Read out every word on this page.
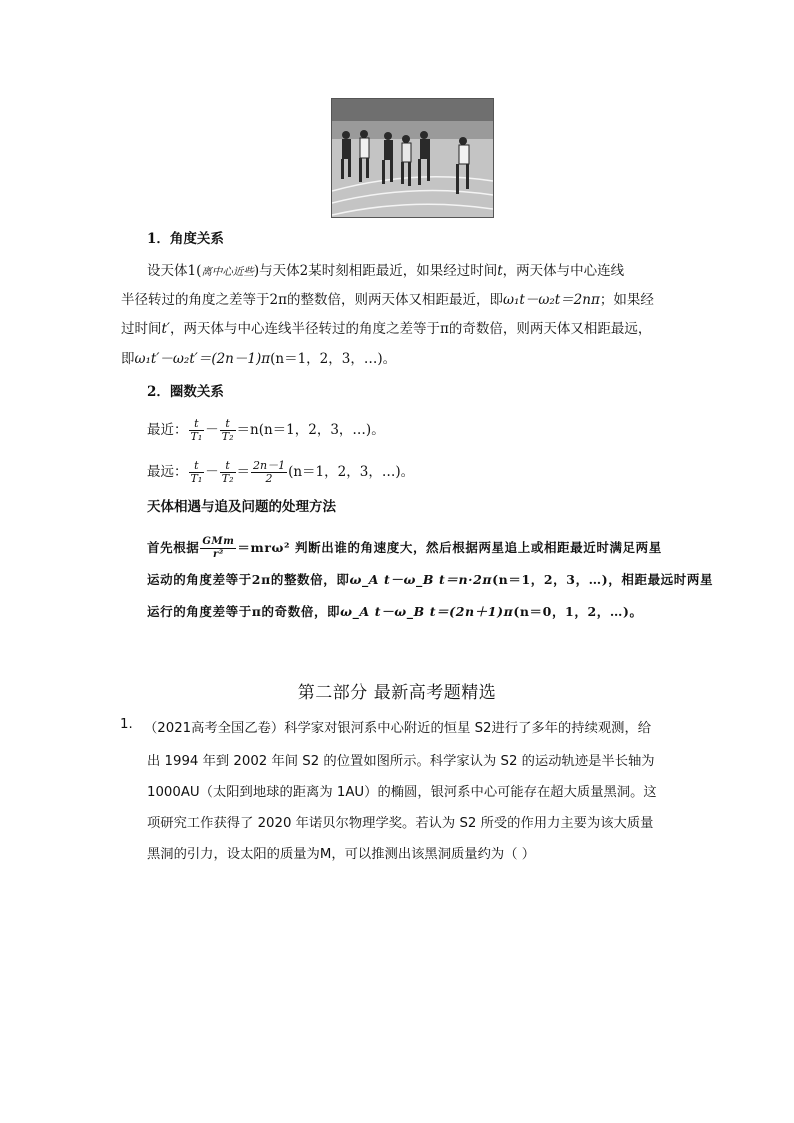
1．角度关系
设天体1(离中心近些)与天体2某时刻相距最近，如果经过时间t，两天体与中心连线
半径转过的角度之差等于2π的整数倍，则两天体又相距最近，即ω₁t－ω₂t＝2nπ；如果经
过时间t′，两天体与中心连线半径转过的角度之差等于π的奇数倍，则两天体又相距最远，
即ω₁t′－ω₂t′＝(2n－1)π(n＝1，2，3，…)。
2．圈数关系
最近： $\frac{t}{\text{T₁}} - \frac{t}{\text{T₂}} =n(n=1$，2，3，…)。
最远： $\frac{t}{\text{T₁}} - \frac{t}{\text{T₂}} = \frac{2n-1}{2} (n=1$，2，3，…)。
天体相遇与追及问题的处理方法
首先根据 $\frac{\text{GMm}}{\text{r²}} =mr\omega^2$ 判断出谁的角速度大，然后根据两星追上或相距最近时满足两星
运动的角度差等于2π的整数倍，即ω_A t－ω_B t＝n·2π(n＝1，2，3，…)，相距最远时两星
运行的角度差等于π的奇数倍，即ω_A t－ω_B t＝(2n＋1)π(n＝0，1，2，…)。
第二部分 最新高考题精选
1. （2021高考全国乙卷）科学家对银河系中心附近的恒星 S2进行了多年的持续观测，给
出 1994 年到 2002 年间 S2 的位置如图所示。科学家认为 S2 的运动轨迹是半长轴为
1000AU（太阳到地球的距离为 1AU）的椭圆，银河系中心可能存在超大质量黑洞。这
项研究工作获得了 2020 年诺贝尔物理学奖。若认为 S2 所受的作用力主要为该大质量
黑洞的引力，设太阳的质量为M，可以推测出该黑洞质量约为（ ）
